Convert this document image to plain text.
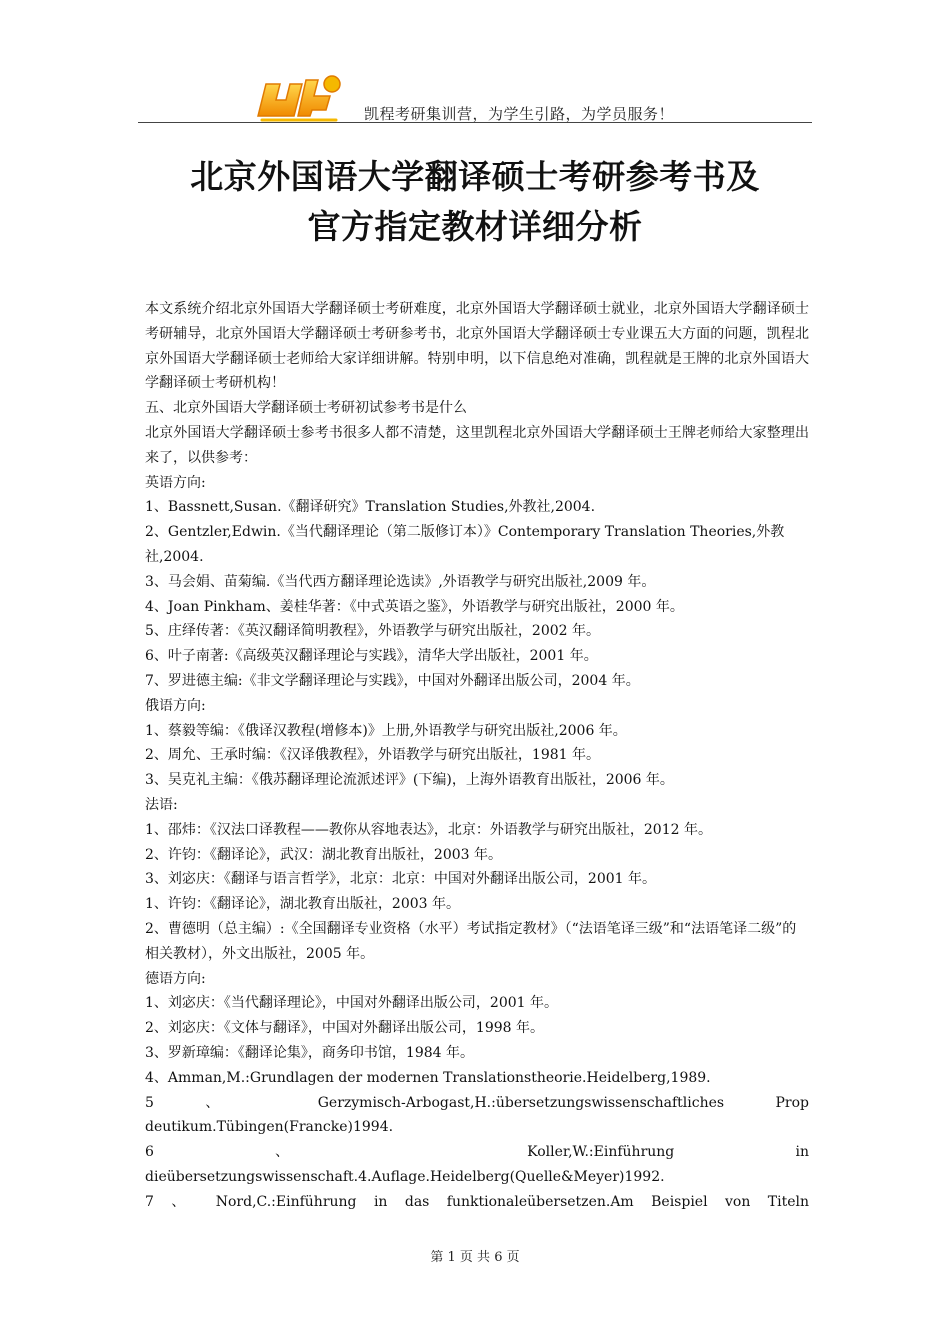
凯程考研集训营，为学生引路，为学员服务！
北京外国语大学翻译硕士考研参考书及
官方指定教材详细分析

本文系统介绍北京外国语大学翻译硕士考研难度，北京外国语大学翻译硕士就业，北京外国语大学翻译硕士考研辅导，北京外国语大学翻译硕士考研参考书，北京外国语大学翻译硕士专业课五大方面的问题，凯程北京外国语大学翻译硕士老师给大家详细讲解。特别申明，以下信息绝对准确，凯程就是王牌的北京外国语大学翻译硕士考研机构！

五、北京外国语大学翻译硕士考研初试参考书是什么

北京外国语大学翻译硕士参考书很多人都不清楚，这里凯程北京外国语大学翻译硕士王牌老师给大家整理出来了，以供参考：

英语方向:

1、Bassnett,Susan.《翻译研究》Translation Studies,外教社,2004.

2、Gentzler,Edwin.《当代翻译理论（第二版修订本）》Contemporary Translation Theories,外教社,2004.

3、马会娟、苗菊编.《当代西方翻译理论选读》,外语教学与研究出版社,2009 年。

4、Joan Pinkham、姜桂华著：《中式英语之鉴》，外语教学与研究出版社，2000 年。

5、庄绎传著：《英汉翻译简明教程》，外语教学与研究出版社，2002 年。

6、叶子南著:《高级英汉翻译理论与实践》，清华大学出版社，2001 年。

7、罗进德主编:《非文学翻译理论与实践》，中国对外翻译出版公司，2004 年。

俄语方向:

1、蔡毅等编：《俄译汉教程(增修本)》上册,外语教学与研究出版社,2006 年。

2、周允、王承时编：《汉译俄教程》，外语教学与研究出版社，1981 年。

3、吴克礼主编：《俄苏翻译理论流派述评》(下编)，上海外语教育出版社，2006 年。

法语:

1、邵炜：《汉法口译教程——教你从容地表达》，北京：外语教学与研究出版社，2012 年。

2、许钧：《翻译论》，武汉：湖北教育出版社，2003 年。

3、刘宓庆：《翻译与语言哲学》，北京：北京：中国对外翻译出版公司，2001 年。

1、许钧：《翻译论》，湖北教育出版社，2003 年。

2、曹德明（总主编）:《全国翻译专业资格（水平）考试指定教材》（“法语笔译三级”和“法语笔译二级”的相关教材），外文出版社，2005 年。

德语方向:

1、刘宓庆：《当代翻译理论》，中国对外翻译出版公司，2001 年。

2、刘宓庆：《文体与翻译》，中国对外翻译出版公司，1998 年。

3、罗新璋编：《翻译论集》，商务印书馆，1984 年。

4、Amman,M.:Grundlagen der modernen Translationstheorie.Heidelberg,1989.

5 、 Gerzymisch-Arbogast,H.:übersetzungswissenschaftliches Prop

deutikum.Tübingen(Francke)1994.

6 、 Koller,W.:Einführung in

dieübersetzungswissenschaft.4.Auflage.Heidelberg(Quelle&Meyer)1992.

7 、 Nord,C.:Einführung in das funktionaleübersetzen.Am Beispiel von Titeln

第 1 页 共 6 页
